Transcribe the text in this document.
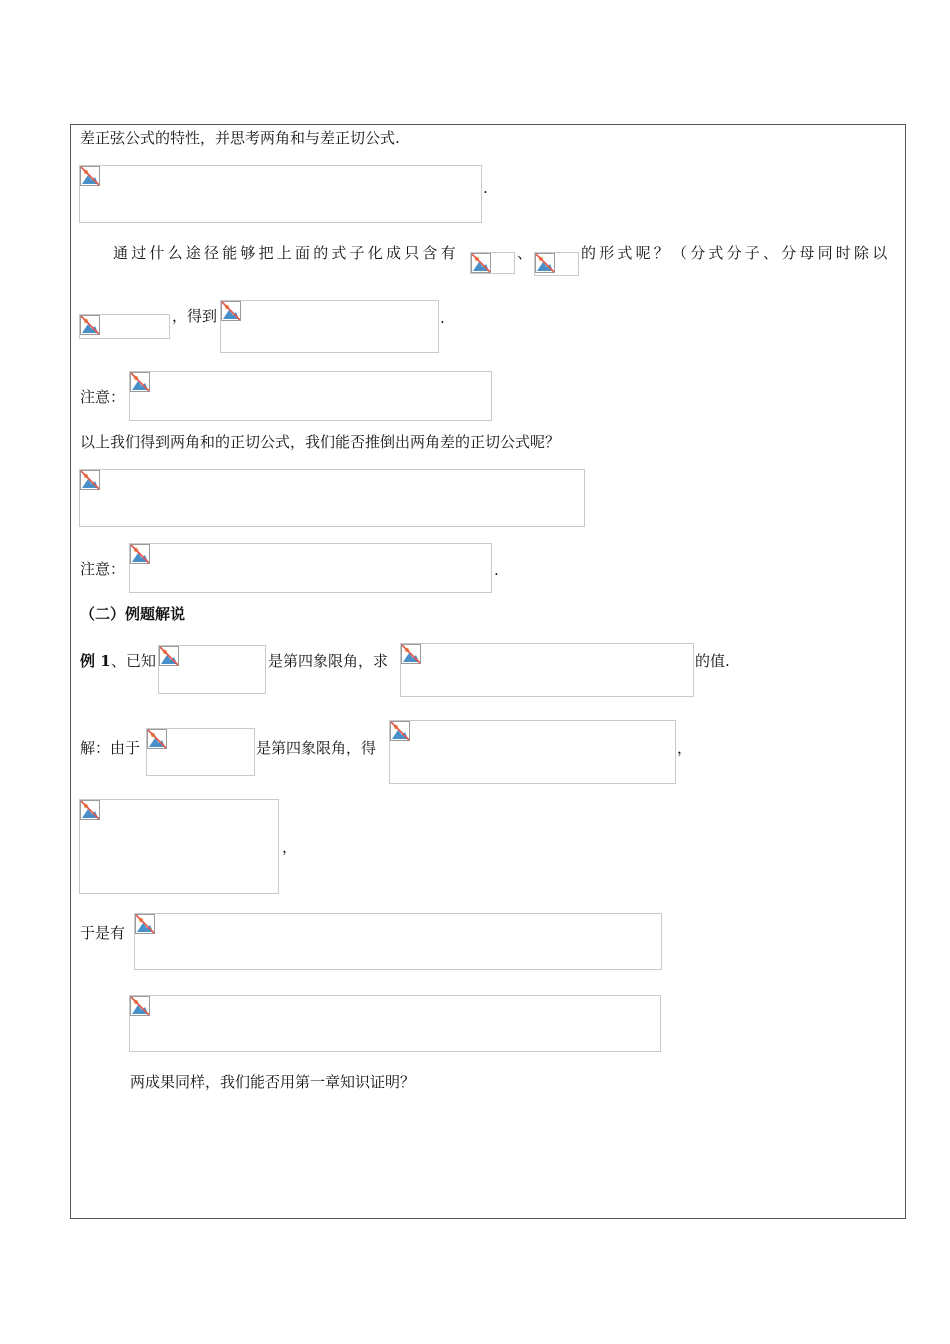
差正弦公式的特性，并思考两角和与差正切公式.
.
通过什么途径能够把上面的式子化成只含有	、	的形式呢？（分式分子、分母同时除以
，得到	.
注意：
以上我们得到两角和的正切公式，我们能否推倒出两角差的正切公式呢？
注意：	.
（二）例题解说
例 1 、已知	是第四象限角，求	的值.
解：由于	是第四象限角，得	，
，
于是有
两成果同样，我们能否用第一章知识证明？
